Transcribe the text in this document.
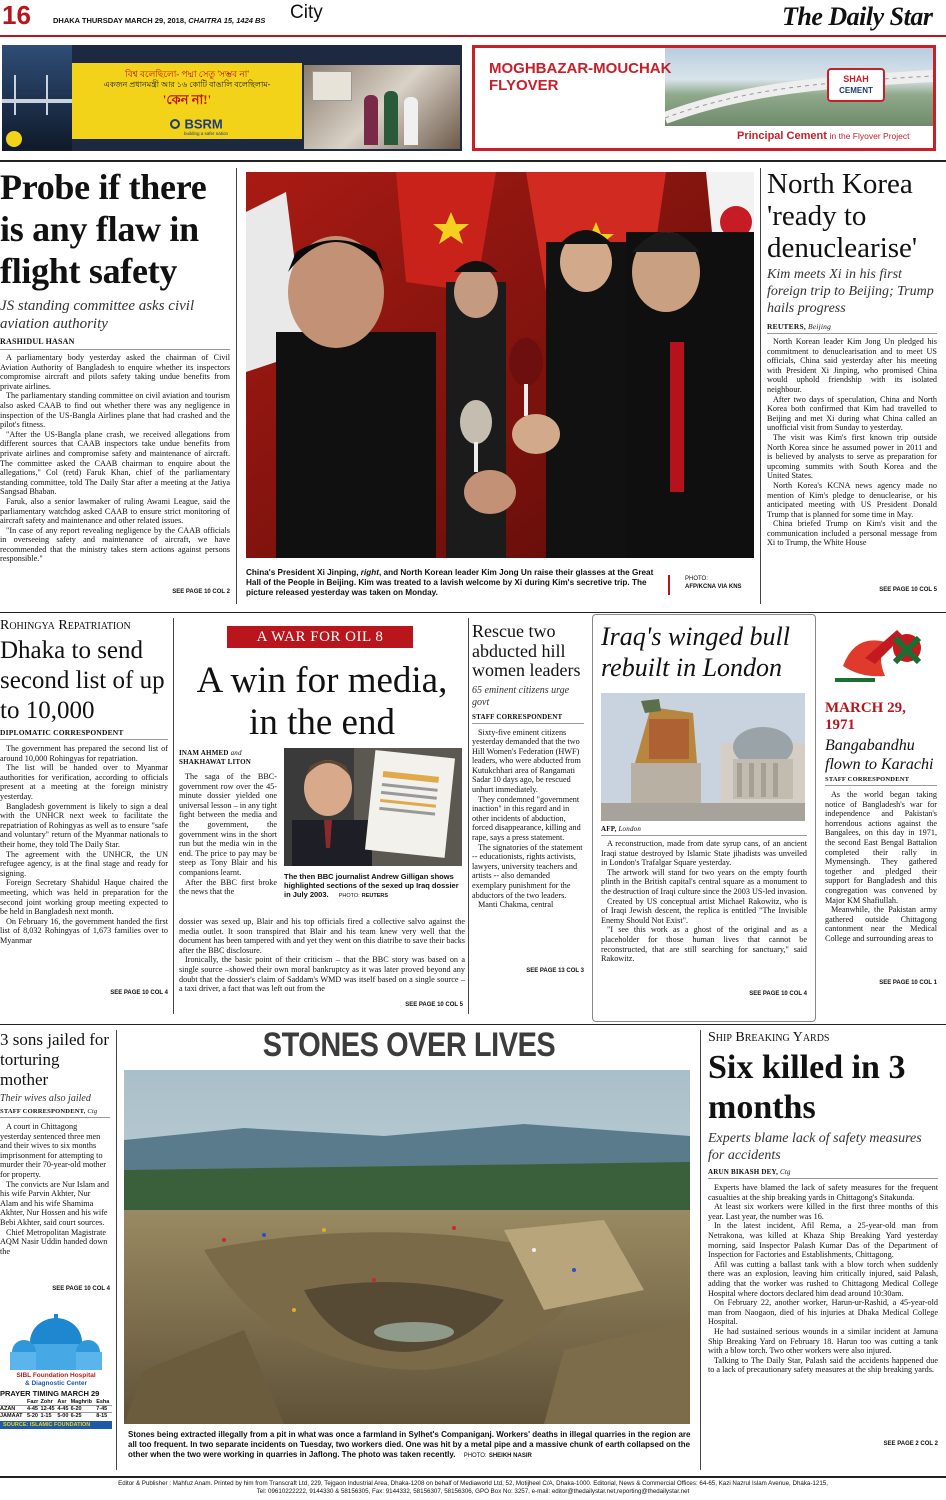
16	DHAKA THURSDAY MARCH 29, 2018, CHAITRA 15, 1424 BS City	The Daily Star
বিশ্ব বলেছিলো- পদ্মা সেতু 'সম্ভব না'
একজন প্রধানমন্ত্রী আর ১৬ কোটি বাঙালি বলেছিলাম-
'কেন না!'
BSRM
building a safer nation
MOGHBAZAR-MOUCHAK
FLYOVER	SHAH
CEMENT
Principal Cement in the Flyover Project
Probe if there is any flaw in flight safety
JS standing committee asks civil aviation authority
RASHIDUL HASAN

A parliamentary body yesterday asked the chairman of Civil Aviation Authority of Bangladesh to enquire whether its inspectors compromise aircraft and pilots safety taking undue benefits from private airlines.

The parliamentary standing committee on civil aviation and tourism also asked CAAB to find out whether there was any negligence in inspection of the US-Bangla Airlines plane that had crashed and the pilot's fitness.

"After the US-Bangla plane crash, we received allegations from different sources that CAAB inspectors take undue benefits from private airlines and compromise safety and maintenance of aircraft. The committee asked the CAAB chairman to enquire about the allegations," Col (retd) Faruk Khan, chief of the parliamentary standing committee, told The Daily Star after a meeting at the Jatiya Sangsad Bhaban.

Faruk, also a senior lawmaker of ruling Awami League, said the parliamentary watchdog asked CAAB to ensure strict monitoring of aircraft safety and maintenance and other related issues.

"In case of any report revealing negligence by the CAAB officials in overseeing safety and maintenance of aircraft, we have recommended that the ministry takes stern actions against persons responsible."

SEE PAGE 10 COL 2
China's President Xi Jinping, right, and North Korean leader Kim Jong Un raise their glasses at the Great Hall of the People in Beijing. Kim was treated to a lavish welcome by Xi during Kim's secretive trip. The picture released yesterday was taken on Monday.
PHOTO:
AFP/KCNA VIA KNS
North Korea 'ready to denuclearise'
Kim meets Xi in his first foreign trip to Beijing; Trump hails progress
REUTERS, Beijing

North Korean leader Kim Jong Un pledged his commitment to denuclearisation and to meet US officials, China said yesterday after his meeting with President Xi Jinping, who promised China would uphold friendship with its isolated neighbour.

After two days of speculation, China and North Korea both confirmed that Kim had travelled to Beijing and met Xi during what China called an unofficial visit from Sunday to yesterday.

The visit was Kim's first known trip outside North Korea since he assumed power in 2011 and is believed by analysts to serve as preparation for upcoming summits with South Korea and the United States.

North Korea's KCNA news agency made no mention of Kim's pledge to denuclearise, or his anticipated meeting with US President Donald Trump that is planned for some time in May.

China briefed Trump on Kim's visit and the communication included a personal message from Xi to Trump, the White House

SEE PAGE 10 COL 5
Rohingya Repatriation
Dhaka to send second list of up to 10,000
DIPLOMATIC CORRESPONDENT

The government has prepared the second list of around 10,000 Rohingyas for repatriation.

The list will be handed over to Myanmar authorities for verification, according to officials present at a meeting at the foreign ministry yesterday.

Bangladesh government is likely to sign a deal with the UNHCR next week to facilitate the repatriation of Rohingyas as well as to ensure "safe and voluntary" return of the Myanmar nationals to their home, they told The Daily Star.

The agreement with the UNHCR, the UN refugee agency, is at the final stage and ready for signing.

Foreign Secretary Shahidul Haque chaired the meeting, which was held in preparation for the second joint working group meeting expected to be held in Bangladesh next month.

On February 16, the government handed the first list of 8,032 Rohingyas of 1,673 families over to Myanmar

SEE PAGE 10 COL 4
A WAR FOR OIL 8
A win for media, in the end
INAM AHMED and
SHAKHAWAT LITON

The saga of the BBC-government row over the 45-minute dossier yielded one universal lesson – in any tight fight between the media and the government, the government wins in the short run but the media win in the end. The price to pay may be steep as Tony Blair and his companions learnt.

After the BBC first broke the news that the

The then BBC journalist Andrew Gilligan shows highlighted sections of the sexed up Iraq dossier in July 2003. PHOTO: REUTERS

dossier was sexed up, Blair and his top officials fired a collective salvo against the media outlet. It soon transpired that Blair and his team knew very well that the document has been tampered with and yet they went on this diatribe to save their backs after the BBC disclosure.

Ironically, the basic point of their criticism – that the BBC story was based on a single source –showed their own moral bankruptcy as it was later proved beyond any doubt that the dossier's claim of Saddam's WMD was itself based on a single source – a taxi driver, a fact that was left out from the

SEE PAGE 10 COL 5
Rescue two abducted hill women leaders
65 eminent citizens urge govt
STAFF CORRESPONDENT

Sixty-five eminent citizens yesterday demanded that the two Hill Women's Federation (HWF) leaders, who were abducted from Kutukchhari area of Rangamati Sadar 10 days ago, be rescued unhurt immediately.

They condemned "government inaction" in this regard and in other incidents of abduction, forced disappearance, killing and rape, says a press statement.

The signatories of the statement -- educationists, rights activists, lawyers, university teachers and artists -- also demanded exemplary punishment for the abductors of the two leaders.

Manti Chakma, central

SEE PAGE 13 COL 3
Iraq's winged bull rebuilt in London
AFP, London

A reconstruction, made from date syrup cans, of an ancient Iraqi statue destroyed by Islamic State jihadists was unveiled in London's Trafalgar Square yesterday.

The artwork will stand for two years on the empty fourth plinth in the British capital's central square as a monument to the destruction of Iraqi culture since the 2003 US-led invasion.

Created by US conceptual artist Michael Rakowitz, who is of Iraqi Jewish descent, the replica is entitled "The Invisible Enemy Should Not Exist".

"I see this work as a ghost of the original and as a placeholder for those human lives that cannot be reconstructed, that are still searching for sanctuary," said Rakowitz.

SEE PAGE 10 COL 4
MARCH 29, 1971
Bangabandhu flown to Karachi
STAFF CORRESPONDENT

As the world began taking notice of Bangladesh's war for independence and Pakistan's horrendous actions against the Bangalees, on this day in 1971, the second East Bengal Battalion completed their rally in Mymensingh. They gathered together and pledged their support for Bangladesh and this congregation was convened by Major KM Shafiullah.

Meanwhile, the Pakistan army gathered outside Chittagong cantonment near the Medical College and surrounding areas to

SEE PAGE 10 COL 1
3 sons jailed for torturing mother
Their wives also jailed
STAFF CORRESPONDENT, Ctg

A court in Chittagong yesterday sentenced three men and their wives to six months imprisonment for attempting to murder their 70-year-old mother for property.

The convicts are Nur Islam and his wife Parvin Akhter, Nur Alam and his wife Shamima Akhter, Nur Hossen and his wife Bebi Akhter, said court sources.

Chief Metropolitan Magistrate AQM Nasir Uddin handed down the

SEE PAGE 10 COL 4
SIBL Foundation Hospital
& Diagnostic Center
PRAYER TIMING MARCH 29
	Fazr	Zohr	Asr	Maghrib	Esha
AZAN	4-45	12-45	4-45	6-20	7-45
JAMAAT	5-20	1-15	5-00	6-25	8-15
SOURCE: ISLAMIC FOUNDATION
STONES OVER LIVES
Stones being extracted illegally from a pit in what was once a farmland in Sylhet's Companiganj. Workers' deaths in illegal quarries in the region are all too frequent. In two separate incidents on Tuesday, two workers died. One was hit by a metal pipe and a massive chunk of earth collapsed on the other when the two were working in quarries in Jaflong. The photo was taken recently. PHOTO: SHEIKH NASIR
Ship Breaking Yards
Six killed in 3 months
Experts blame lack of safety measures for accidents
ARUN BIKASH DEY, Ctg

Experts have blamed the lack of safety measures for the frequent casualties at the ship breaking yards in Chittagong's Sitakunda.

At least six workers were killed in the first three months of this year. Last year, the number was 16.

In the latest incident, Afil Rema, a 25-year-old man from Netrakona, was killed at Khaza Ship Breaking Yard yesterday morning, said Inspector Palash Kumar Das of the Department of Inspection for Factories and Establishments, Chittagong.

Afil was cutting a ballast tank with a blow torch when suddenly there was an explosion, leaving him critically injured, said Palash, adding that the worker was rushed to Chittagong Medical College Hospital where doctors declared him dead around 10:30am.

On February 22, another worker, Harun-ur-Rashid, a 45-year-old man from Naogaon, died of his injuries at Dhaka Medical College Hospital.

He had sustained serious wounds in a similar incident at Jamuna Ship Breaking Yard on February 18. Harun too was cutting a tank with a blow torch. Two other workers were also injured.

Talking to The Daily Star, Palash said the accidents happened due to a lack of precautionary safety measures at the ship breaking yards.

SEE PAGE 2 COL 2
Editor & Publisher : Mahfuz Anam. Printed by him from Transcraft Ltd, 229, Tejgaon Industrial Area, Dhaka-1208 on behalf of Mediaworld Ltd, 52, Motijheel C/A, Dhaka-1000. Editorial, News & Commercial Offices: 64-65, Kazi Nazrul Islam Avenue, Dhaka-1215,
Tel: 09610222222, 9144330 & 58156305, Fax: 9144332, 58156307, 58156306, GPO Box No: 3257, e-mail: editor@thedailystar.net,reporting@thedailystar.net
